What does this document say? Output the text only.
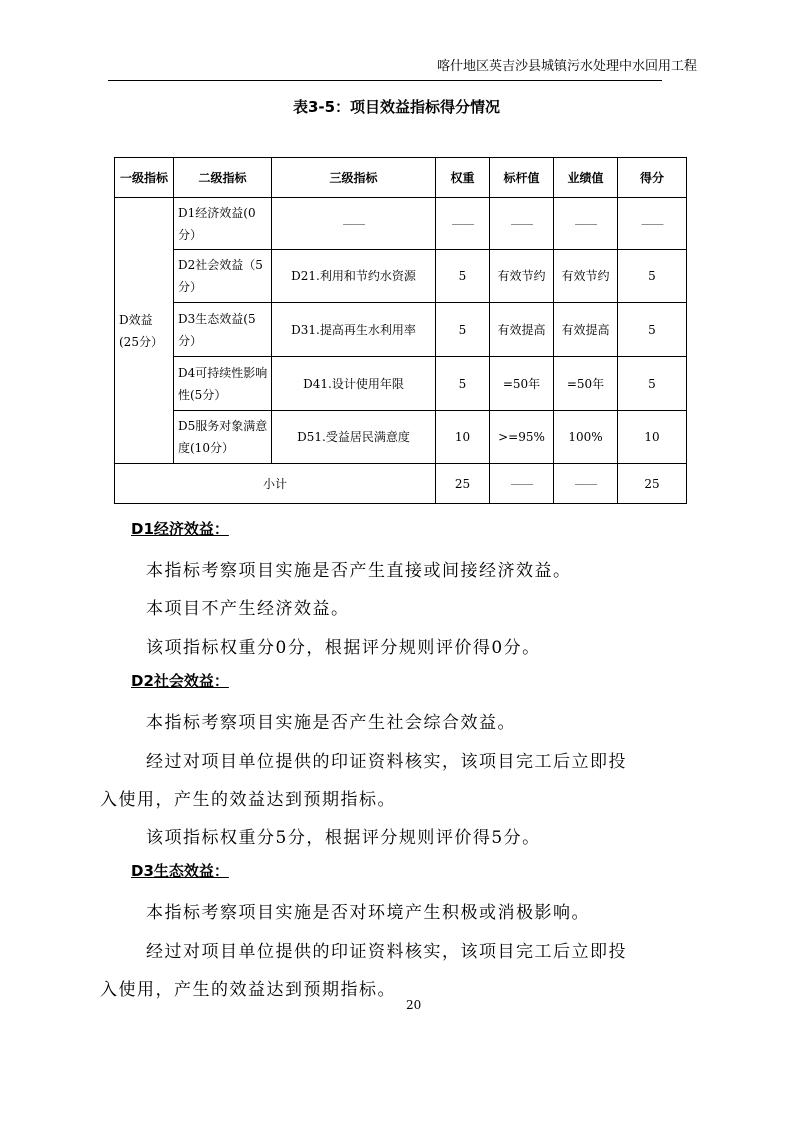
喀什地区英吉沙县城镇污水处理中水回用工程
表3-5：项目效益指标得分情况
一级指标	二级指标	三级指标	权重	标杆值	业绩值	得分
D效益(25分）	D1经济效益(0分）	——	——	——	——	——
	D2社会效益（5分）	D21.利用和节约水资源	5	有效节约	有效节约	5
	D3生态效益(5分）	D31.提高再生水利用率	5	有效提高	有效提高	5
	D4可持续性影响性(5分）	D41.设计使用年限	5	=50年	=50年	5
	D5服务对象满意度(10分）	D51.受益居民满意度	10	>=95%	100%	10
小计			25	——	——	25
D1经济效益：
本指标考察项目实施是否产生直接或间接经济效益。
本项目不产生经济效益。
该项指标权重分0分，根据评分规则评价得0分。
D2社会效益：
本指标考察项目实施是否产生社会综合效益。
经过对项目单位提供的印证资料核实，该项目完工后立即投
入使用，产生的效益达到预期指标。
该项指标权重分5分，根据评分规则评价得5分。
D3生态效益：
本指标考察项目实施是否对环境产生积极或消极影响。
经过对项目单位提供的印证资料核实，该项目完工后立即投
入使用，产生的效益达到预期指标。
20
